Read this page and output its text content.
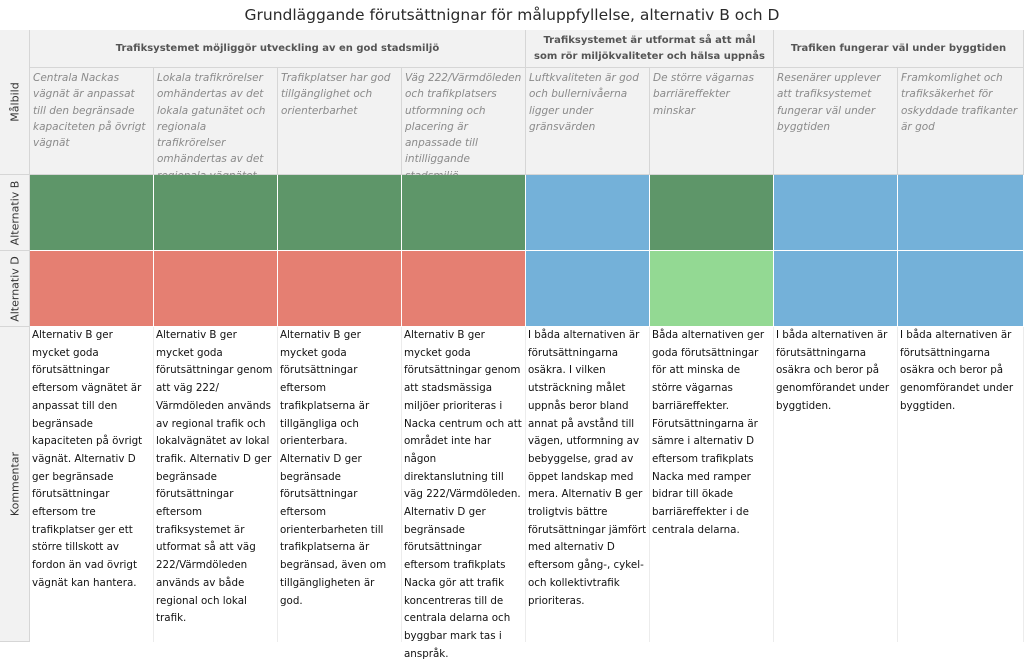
Grundläggande förutsättnignar för måluppfyllelse, alternativ B och D
Målbild
Alternativ B
Alternativ D
Kommentar
Trafiksystemet möjliggör utveckling av en god stadsmiljö
Trafiksystemet är utformat så att mål som rör miljökvaliteter och hälsa uppnås
Trafiken fungerar väl under byggtiden
Centrala Nackas vägnät är anpassat till den begränsade kapaciteten på övrigt vägnät
Lokala trafikrörelser omhändertas av det lokala gatunätet och regionala trafikrörelser omhändertas av det
Trafikplatser har god tillgänglighet och orienterbarhet
Väg 222/Värmdöleden och trafikplatsers utformning och placering är anpassade till intilliggande
Luftkvaliteten är god och bullernivåerna ligger under gränsvärden
De större vägarnas barriäreffekter minskar
Resenärer upplever att trafiksystemet fungerar väl under byggtiden
Framkomlighet och trafiksäkerhet för oskyddade trafikanter är god
Alternativ B ger mycket goda förutsättningar eftersom vägnätet är anpassat till den begränsade kapaciteten på övrigt vägnät. Alternativ D ger begränsade förutsättningar eftersom tre trafikplatser ger ett större tillskott av fordon än vad övrigt vägnät kan hantera.
Alternativ B ger mycket goda förutsättningar genom att väg 222/ Värmdöleden används av regional trafik och lokalvägnätet av lokal trafik. Alternativ D ger begränsade förutsättningar eftersom trafiksystemet är utformat så att väg 222/Värmdöleden används av både regional och lokal trafik.
Alternativ B ger mycket goda förutsättningar eftersom trafikplatserna är tillgängliga och orienterbara. Alternativ D ger begränsade förutsättningar eftersom orienterbarheten till trafikplatserna är begränsad, även om tillgängligheten är god.
Alternativ B ger mycket goda förutsättningar genom att stadsmässiga miljöer prioriteras i Nacka centrum och att området inte har någon direktanslutning till väg 222/Värmdöleden. Alternativ D ger begränsade förutsättningar eftersom trafikplats Nacka gör att trafik koncentreras till de centrala delarna och byggbar mark tas i anspråk.
I båda alternativen är förutsättningarna osäkra. I vilken utsträckning målet uppnås beror bland annat på avstånd till vägen, utformning av bebyggelse, grad av öppet landskap med mera. Alternativ B ger troligtvis bättre förutsättningar jämfört med alternativ D eftersom gång-, cykel- och kollektivtrafik prioriteras.
Båda alternativen ger goda förutsättningar för att minska de större vägarnas barriäreffekter. Förutsättningarna är sämre i alternativ D eftersom trafikplats Nacka med ramper bidrar till ökade barriäreffekter i de centrala delarna.
I båda alternativen är förutsättningarna osäkra och beror på genomförandet under byggtiden.
I båda alternativen är förutsättningarna osäkra och beror på genomförandet under byggtiden.
